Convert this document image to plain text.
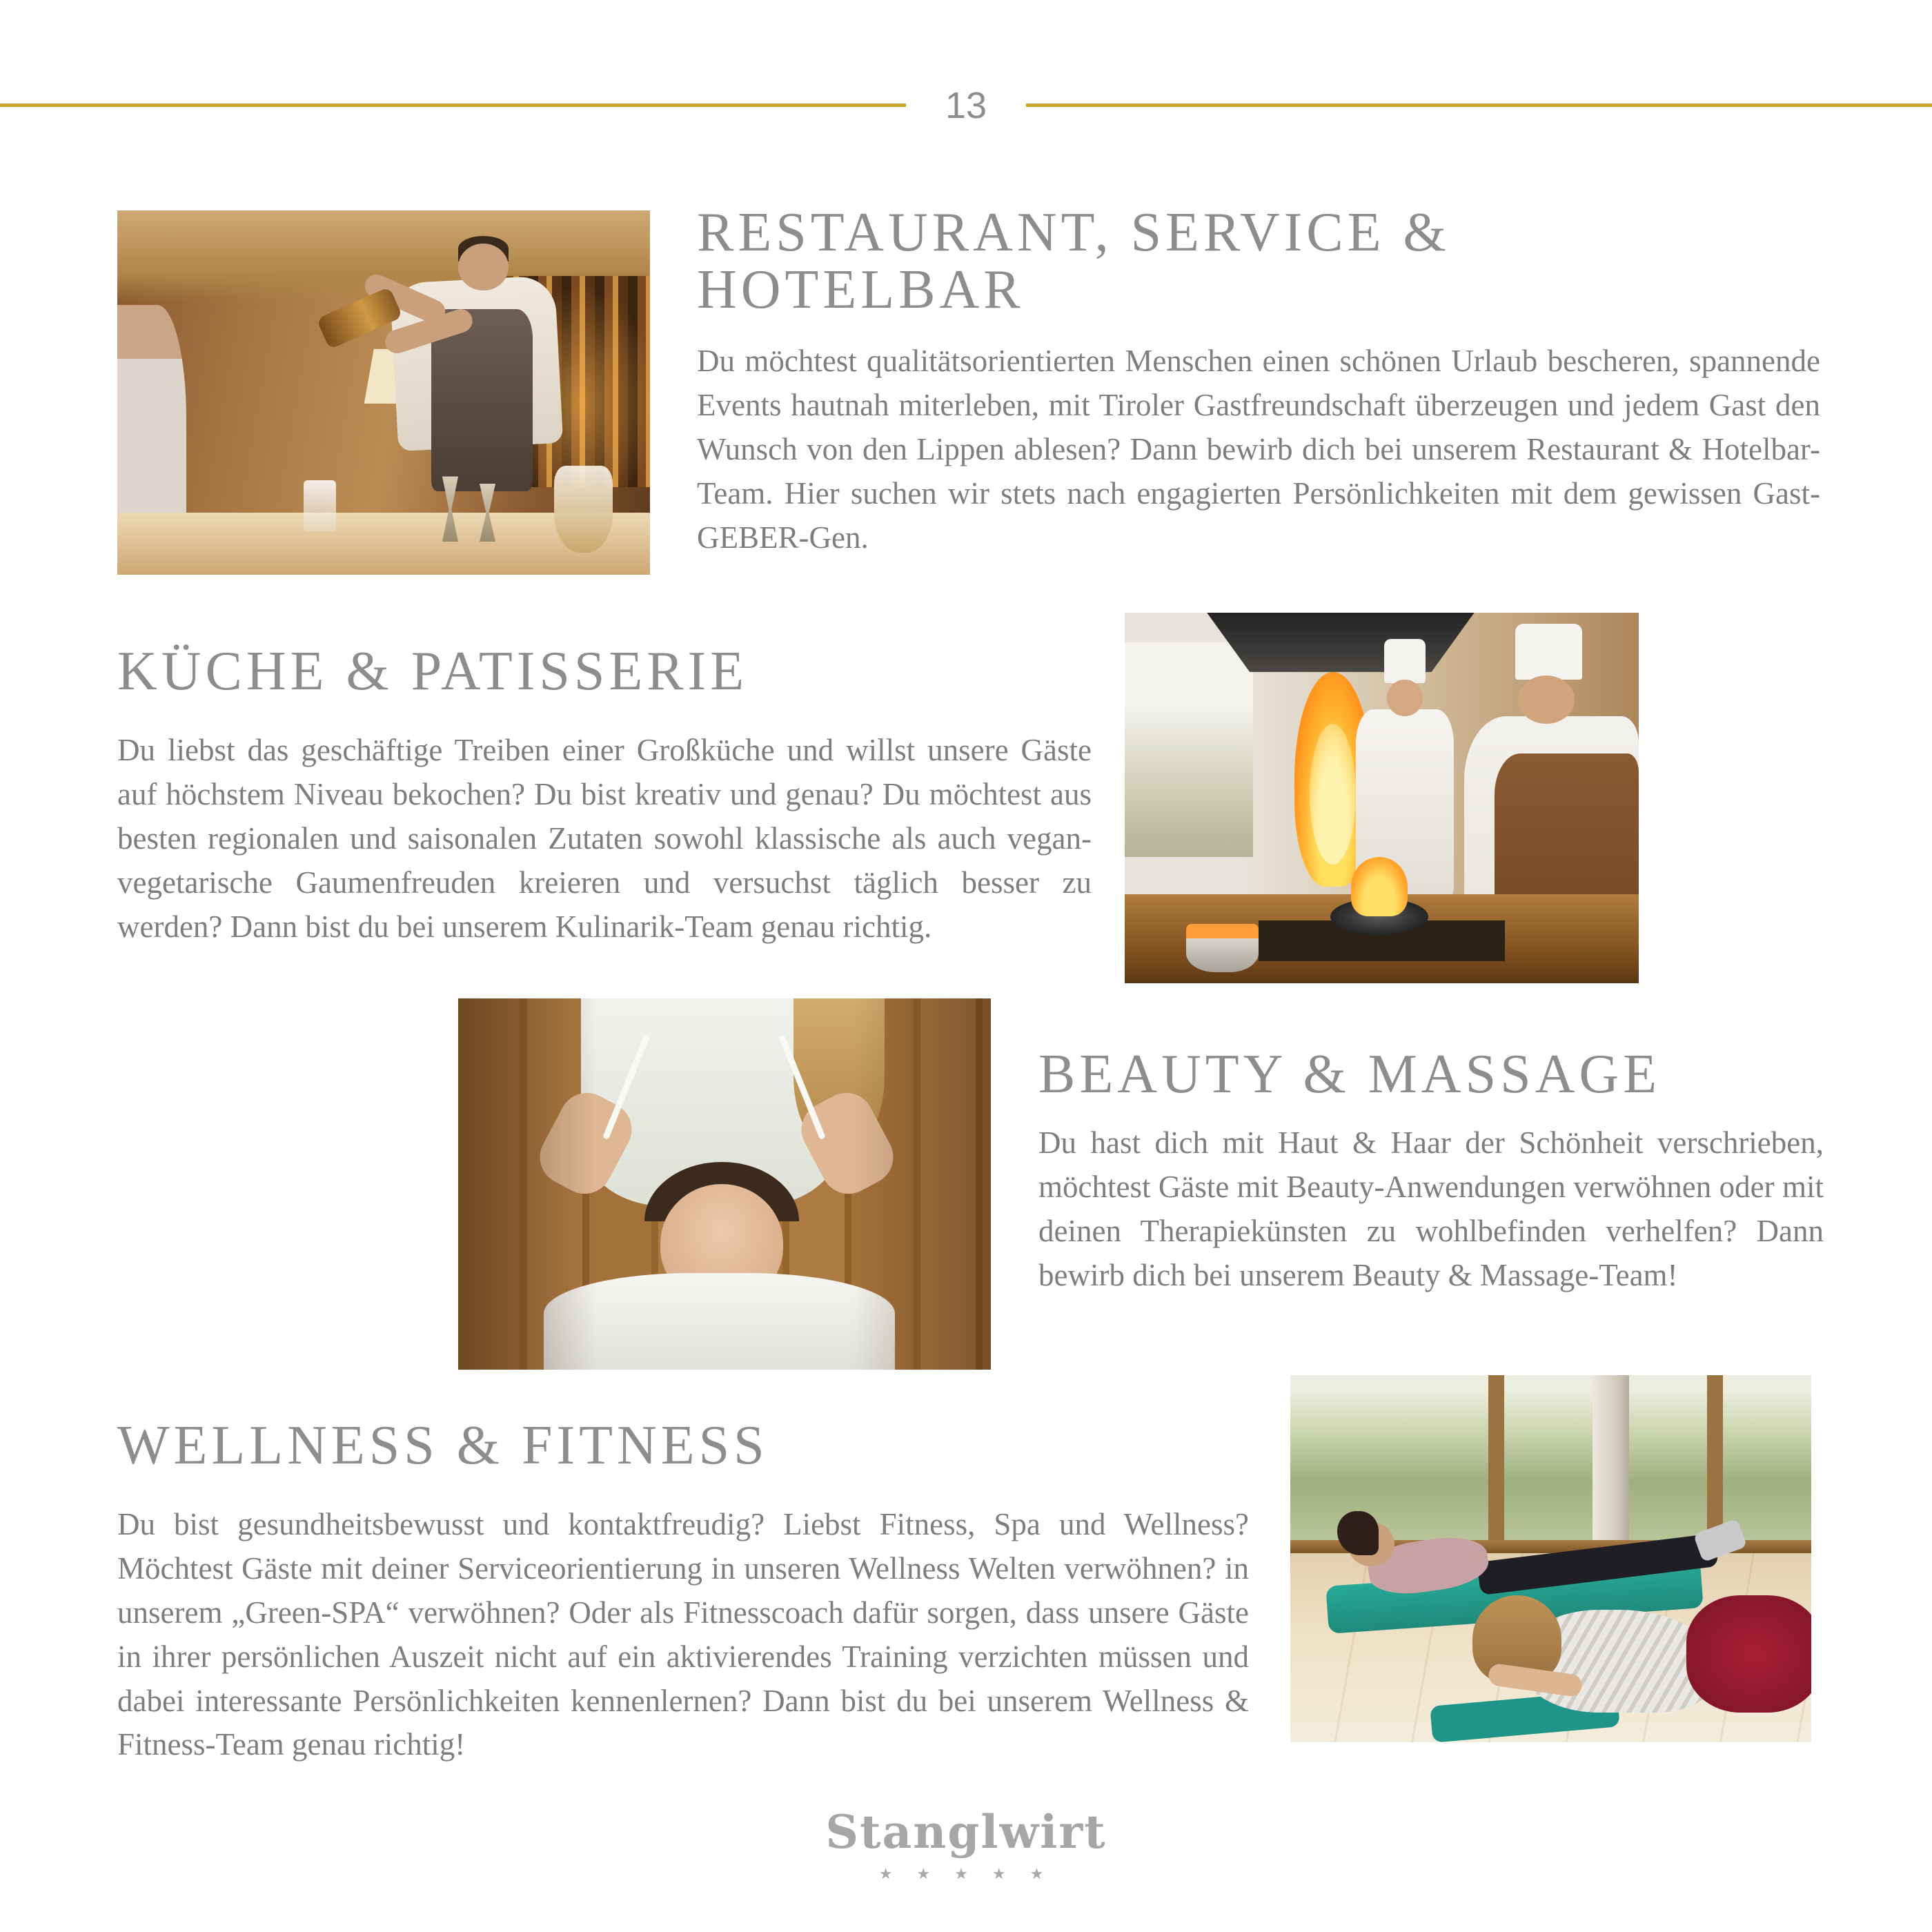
13
RESTAURANT, SERVICE & HOTELBAR

Du möchtest qualitätsorientierten Menschen einen schönen Urlaub bescheren, spannende Events hautnah miterleben, mit Tiroler Gastfreundschaft überzeugen und jedem Gast den Wunsch von den Lippen ablesen? Dann bewirb dich bei unserem Restaurant & Hotelbar-Team. Hier suchen wir stets nach engagierten Persönlichkeiten mit dem gewissen Gast-GEBER-Gen.

KÜCHE & PATISSERIE

Du liebst das geschäftige Treiben einer Großküche und willst unsere Gäste auf höchstem Niveau bekochen? Du bist kreativ und genau? Du möchtest aus besten regionalen und saisonalen Zutaten sowohl klassische als auch vegan-vegetarische Gaumenfreuden kreieren und versuchst täglich besser zu werden? Dann bist du bei unserem Kulinarik-Team genau richtig.

BEAUTY & MASSAGE

Du hast dich mit Haut & Haar der Schönheit verschrieben, möchtest Gäste mit Beauty-Anwendungen verwöhnen oder mit deinen Therapiekünsten zu wohlbefinden verhelfen? Dann bewirb dich bei unserem Beauty & Massage-Team!

WELLNESS & FITNESS

Du bist gesundheitsbewusst und kontaktfreudig? Liebst Fitness, Spa und Wellness? Möchtest Gäste mit deiner Serviceorientierung in unseren Wellness Welten verwöhnen? in unserem „Green-SPA“ verwöhnen? Oder als Fitnesscoach dafür sorgen, dass unsere Gäste in ihrer persönlichen Auszeit nicht auf ein aktivierendes Training verzichten müssen und dabei interessante Persönlichkeiten kennenlernen? Dann bist du bei unserem Wellness & Fitness-Team genau richtig!

Stanglwirt
★ ★ ★ ★ ★
